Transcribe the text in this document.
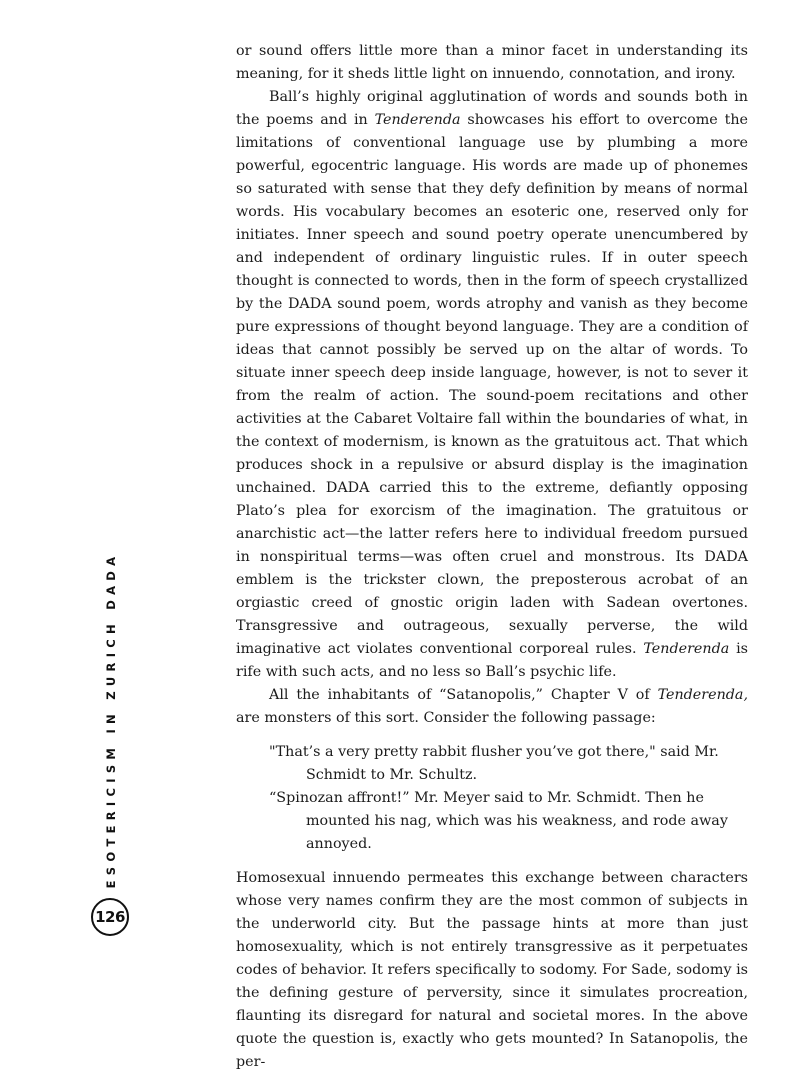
ESOTERICISM IN ZURICH DADA
126

or sound offers little more than a minor facet in understanding its meaning, for it sheds little light on innuendo, connotation, and irony.

Ball’s highly original agglutination of words and sounds both in the poems and in Tenderenda showcases his effort to overcome the limitations of conventional language use by plumbing a more powerful, egocentric language. His words are made up of phonemes so saturated with sense that they defy definition by means of normal words. His vocabulary becomes an esoteric one, reserved only for initiates. Inner speech and sound poetry operate unencumbered by and independent of ordinary linguistic rules. If in outer speech thought is connected to words, then in the form of speech crystallized by the DADA sound poem, words atrophy and vanish as they become pure expressions of thought beyond language. They are a condition of ideas that cannot possibly be served up on the altar of words. To situate inner speech deep inside language, however, is not to sever it from the realm of action. The sound-poem recitations and other activities at the Cabaret Voltaire fall within the boundaries of what, in the context of modernism, is known as the gratuitous act. That which produces shock in a repulsive or absurd display is the imagination unchained. DADA carried this to the extreme, defiantly opposing Plato’s plea for exorcism of the imagination. The gratuitous or anarchistic act—the latter refers here to individual freedom pursued in nonspiritual terms—was often cruel and monstrous. Its DADA emblem is the trickster clown, the preposterous acrobat of an orgiastic creed of gnostic origin laden with Sadean overtones. Transgressive and outrageous, sexually perverse, the wild imaginative act violates conventional corporeal rules. Tenderenda is rife with such acts, and no less so Ball’s psychic life.

All the inhabitants of “Satanopolis,” Chapter V of Tenderenda, are monsters of this sort. Consider the following passage:

"That’s a very pretty rabbit flusher you’ve got there," said Mr. Schmidt to Mr. Schultz.

“Spinozan affront!” Mr. Meyer said to Mr. Schmidt. Then he mounted his nag, which was his weakness, and rode away annoyed.

Homosexual innuendo permeates this exchange between characters whose very names confirm they are the most common of subjects in the underworld city. But the passage hints at more than just homosexuality, which is not entirely transgressive as it perpetuates codes of behavior. It refers specifically to sodomy. For Sade, sodomy is the defining gesture of perversity, since it simulates procreation, flaunting its disregard for natural and societal mores. In the above quote the question is, exactly who gets mounted? In Satanopolis, the per-
